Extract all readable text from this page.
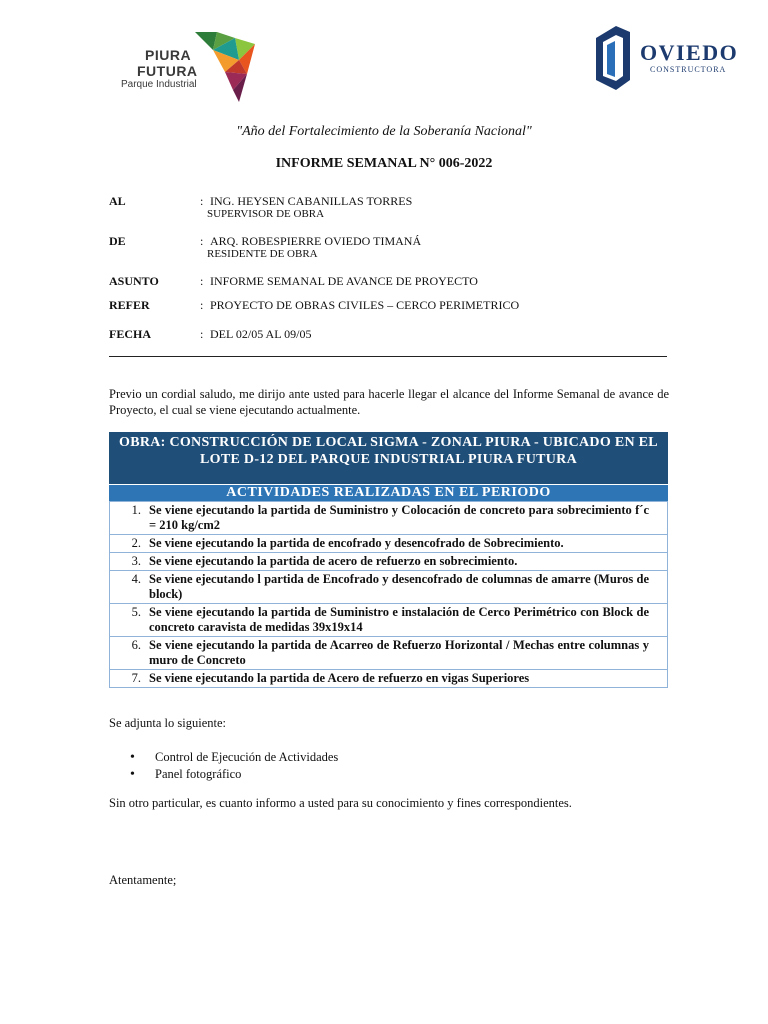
PIURA
FUTURA
Parque Industrial
OVIEDO
CONSTRUCTORA
"Año del Fortalecimiento de la Soberanía Nacional"
INFORME SEMANAL N° 006-2022
AL	: ING. HEYSEN CABANILLAS TORRES
SUPERVISOR DE OBRA
DE	: ARQ. ROBESPIERRE OVIEDO TIMANÁ
RESIDENTE DE OBRA
ASUNTO	: INFORME SEMANAL DE AVANCE DE PROYECTO
REFER	: PROYECTO DE OBRAS CIVILES – CERCO PERIMETRICO
FECHA	: DEL 02/05 AL 09/05
Previo un cordial saludo, me dirijo ante usted para hacerle llegar el alcance del Informe Semanal de avance de Proyecto, el cual se viene ejecutando actualmente.
OBRA: CONSTRUCCIÓN DE LOCAL SIGMA - ZONAL PIURA - UBICADO EN EL LOTE D-12 DEL PARQUE INDUSTRIAL PIURA FUTURA
ACTIVIDADES REALIZADAS EN EL PERIODO
1. Se viene ejecutando la partida de Suministro y Colocación de concreto para sobrecimiento f´c = 210 kg/cm2
2. Se viene ejecutando la partida de encofrado y desencofrado de Sobrecimiento.
3. Se viene ejecutando la partida de acero de refuerzo en sobrecimiento.
4. Se viene ejecutando l partida de Encofrado y desencofrado de columnas de amarre (Muros de block)
5. Se viene ejecutando la partida de Suministro e instalación de Cerco Perimétrico con Block de concreto caravista de medidas 39x19x14
6. Se viene ejecutando la partida de Acarreo de Refuerzo Horizontal / Mechas entre columnas y muro de Concreto
7. Se viene ejecutando la partida de Acero de refuerzo en vigas Superiores
Se adjunta lo siguiente:
• Control de Ejecución de Actividades
• Panel fotográfico
Sin otro particular, es cuanto informo a usted para su conocimiento y fines correspondientes.
Atentamente;
